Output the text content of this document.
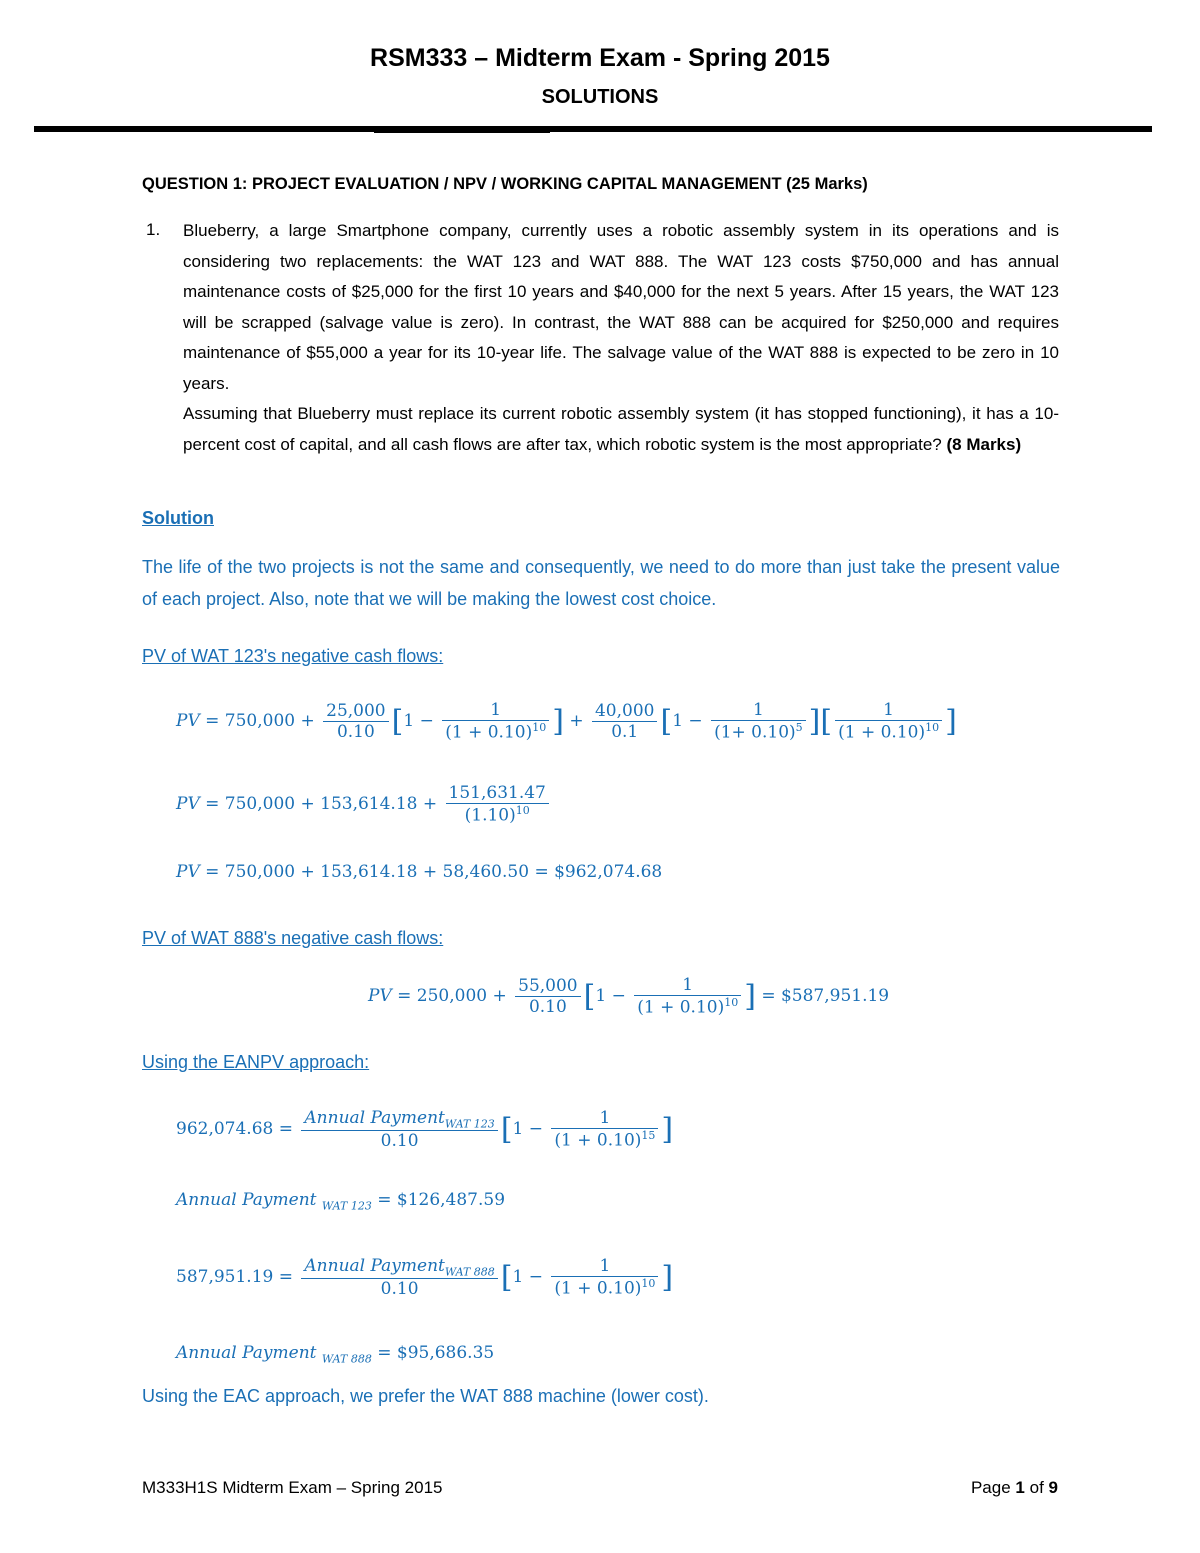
RSM333 – Midterm Exam - Spring 2015
SOLUTIONS
QUESTION 1: PROJECT EVALUATION / NPV / WORKING CAPITAL MANAGEMENT (25 Marks)
1. Blueberry, a large Smartphone company, currently uses a robotic assembly system in its operations and is considering two replacements: the WAT 123 and WAT 888. The WAT 123 costs $750,000 and has annual maintenance costs of $25,000 for the first 10 years and $40,000 for the next 5 years. After 15 years, the WAT 123 will be scrapped (salvage value is zero). In contrast, the WAT 888 can be acquired for $250,000 and requires maintenance of $55,000 a year for its 10-year life. The salvage value of the WAT 888 is expected to be zero in 10 years.

Assuming that Blueberry must replace its current robotic assembly system (it has stopped functioning), it has a 10-percent cost of capital, and all cash flows are after tax, which robotic system is the most appropriate? (8 Marks)

Solution

The life of the two projects is not the same and consequently, we need to do more than just take the present value of each project. Also, note that we will be making the lowest cost choice.

PV of WAT 123's negative cash flows:
PV = $750,000 + \frac{25,000}{0.10} [1 - \frac{1}{(1 + 0.10)^{10}}$ ] + $\frac{40,000}{0.1} [1 - \frac{1}{(1+ 0.10)^5}$ ][ $\frac{1}{(1 + 0.10)^{10}}$ ]
PV = $750,000 + 153,614.18 + \frac{151,631.47}{(1.10)^{10}}$
PV = 750,000 + 153,614.18 + 58,460.50 = $962,074.68
PV of WAT 888's negative cash flows:
PV = $250,000 + \frac{55,000}{0.10} [1 - \frac{1}{(1 + 0.10)^{10}}$ ] = $587,951.19
Using the EANPV approach:
$962,074.68 = \frac{Annual Payment_{WAT 123}}{0.10} [1 - \frac{1}{(1 + 0.10)^{15}}$ ]
Annual Payment $_{WAT 123}$ = $126,487.59
$587,951.19 = \frac{Annual Payment_{WAT 888}}{0.10} [1 - \frac{1}{(1 + 0.10)^{10}}$ ]
Annual Payment $_{WAT 888}$ = $95,686.35
Using the EAC approach, we prefer the WAT 888 machine (lower cost).
M333H1S Midterm Exam – Spring 2015	Page 1 of 9
